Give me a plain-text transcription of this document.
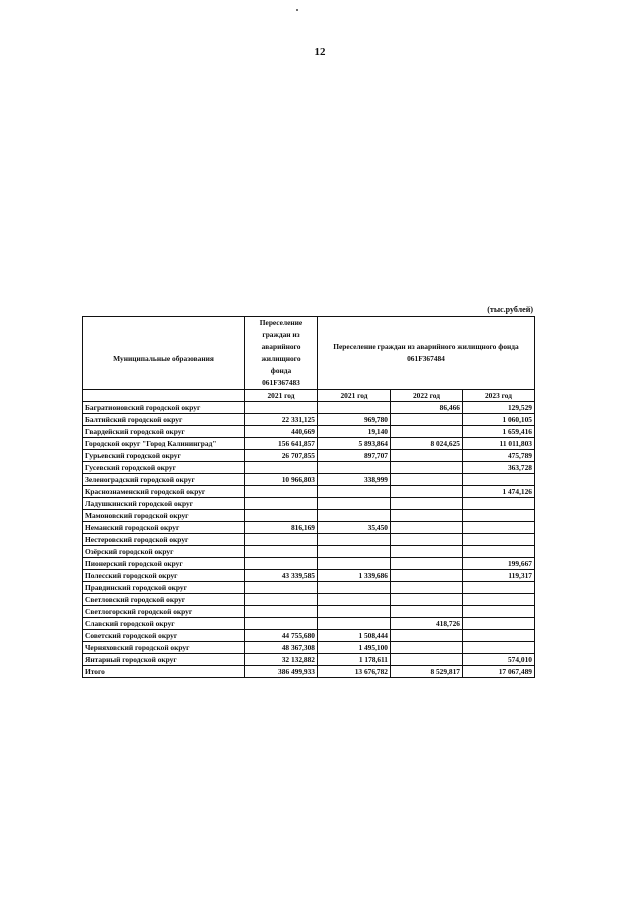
12
(тыс.рублей)
Муниципальные образования	Переселение граждан из аварийного жилищного фонда 061F367483	Переселение граждан из аварийного жилищного фонда 061F367484		
	2021 год	2021 год	2022 год	2023 год
Багратионовский городской округ			86,466	129,529
Балтийский городской округ	22 331,125	969,780		1 060,105
Гвардейский городской округ	440,669	19,140		1 659,416
Городской округ "Город Калининград"	156 641,857	5 893,864	8 024,625	11 011,803
Гурьевский городской округ	26 707,855	897,707		475,789
Гусевский городской округ				363,728
Зеленоградский городской округ	10 966,803	338,999		
Краснознаменский городской округ				1 474,126
Ладушкинский городской округ				
Мамоновский городской округ				
Неманский городской округ	816,169	35,450		
Нестеровский городской округ				
Озёрский городской округ				
Пионерский городской округ				199,667
Полесский городской округ	43 339,585	1 339,686		119,317
Правдинский городской округ				
Светловский городской округ				
Светлогорский городской округ				
Славский городской округ			418,726	
Советский городской округ	44 755,680	1 508,444		
Черняховский городской округ	48 367,308	1 495,100		
Янтарный городской округ	32 132,882	1 178,611		574,010
Итого	386 499,933	13 676,782	8 529,817	17 067,489
